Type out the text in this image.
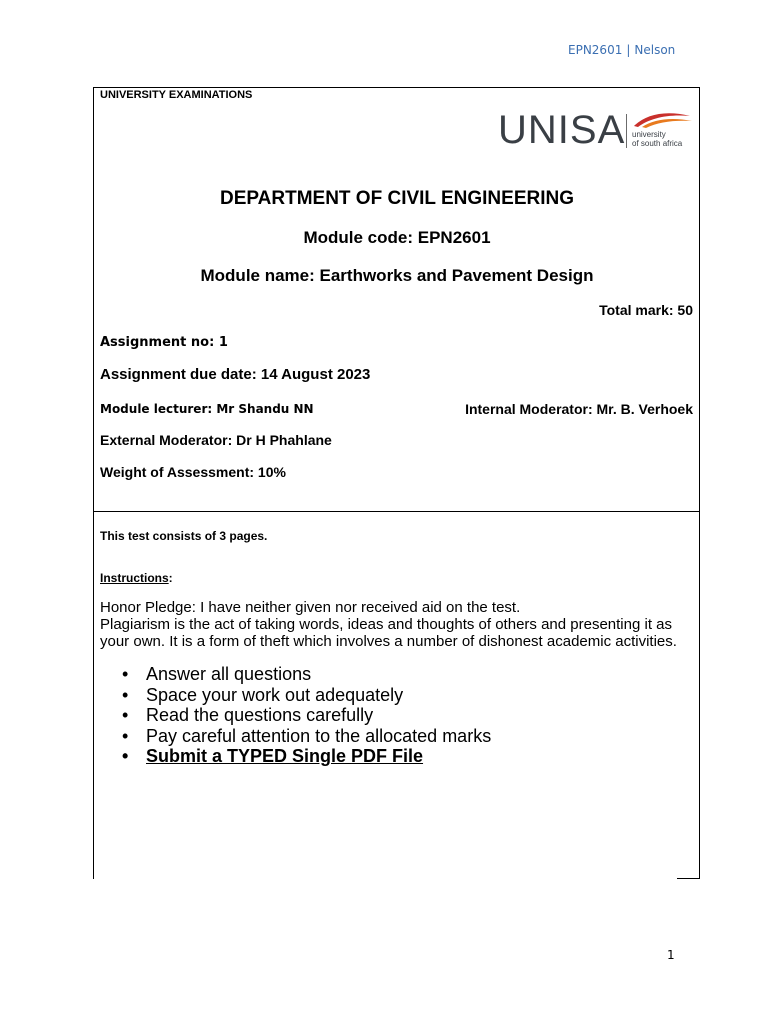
EPN2601 | Nelson
UNIVERSITY EXAMINATIONS
UNISA university
of south africa
DEPARTMENT OF CIVIL ENGINEERING
Module code: EPN2601
Module name: Earthworks and Pavement Design
Total mark: 50
Assignment no: 1
Assignment due date: 14 August 2023
Module lecturer: Mr Shandu NN	Internal Moderator: Mr. B. Verhoek
External Moderator: Dr H Phahlane
Weight of Assessment: 10%
This test consists of 3 pages.
Instructions:
Honor Pledge: I have neither given nor received aid on the test.
Plagiarism is the act of taking words, ideas and thoughts of others and presenting it as your own. It is a form of theft which involves a number of dishonest academic activities.
• Answer all questions
• Space your work out adequately
• Read the questions carefully
• Pay careful attention to the allocated marks
• Submit a TYPED Single PDF File
1
